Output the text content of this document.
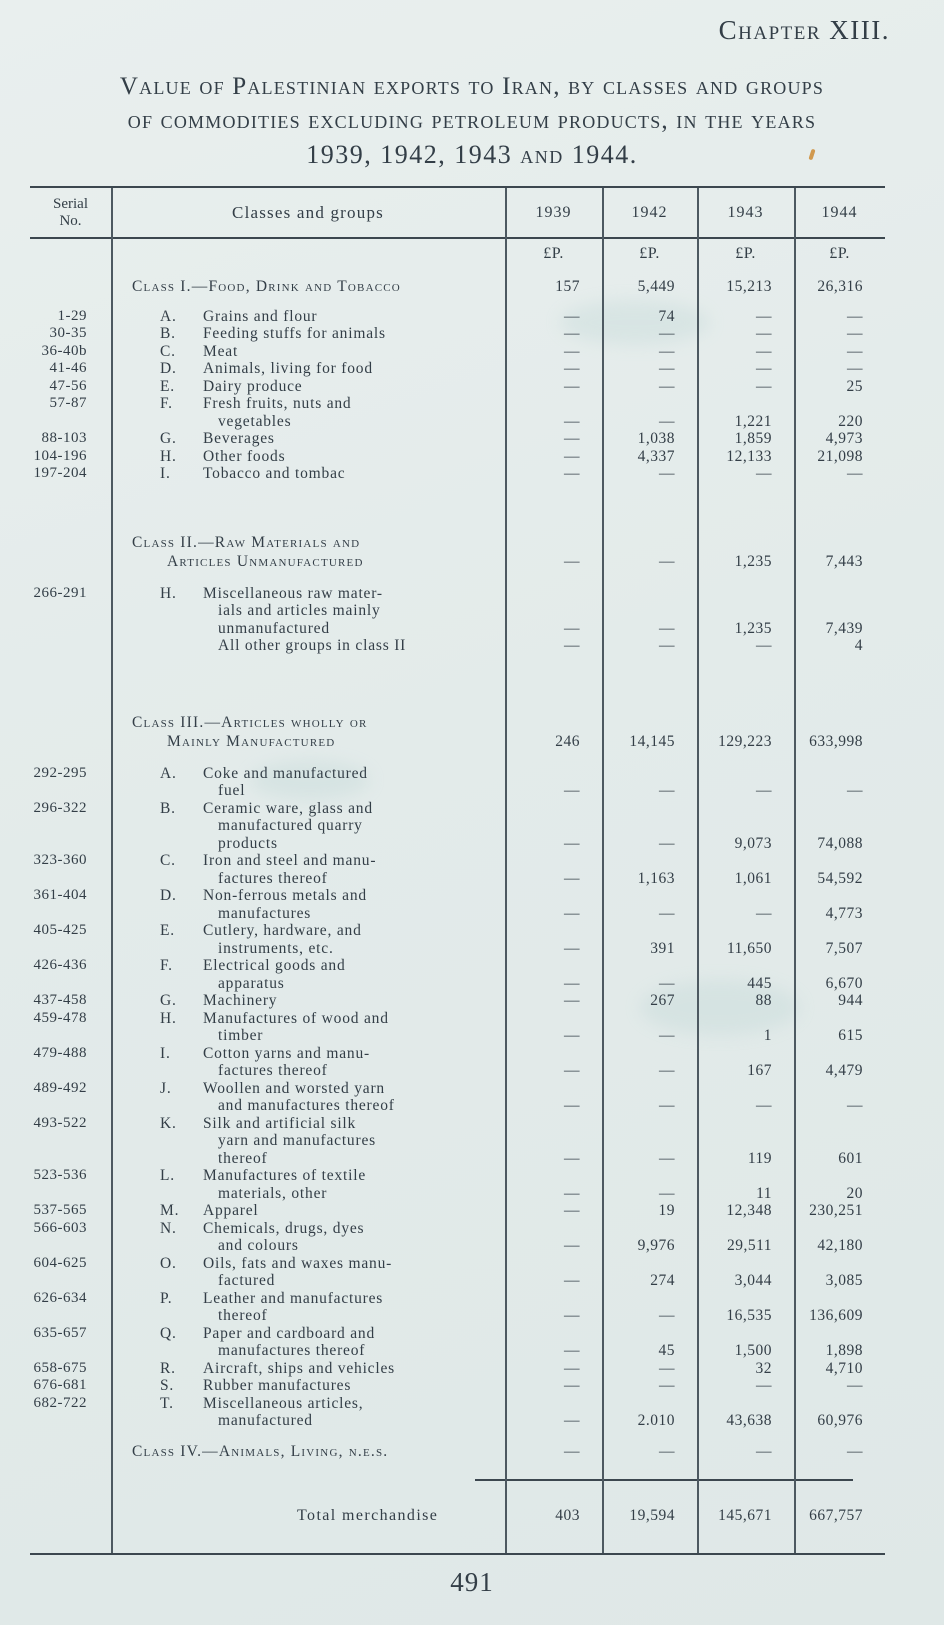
Chapter XIII.
Value of Palestinian exports to Iran, by classes and groups
of commodities excluding petroleum products, in the years
1939, 1942, 1943 and 1944.
Serial
No.	Classes and groups	1939	1942	1943	1944
£P.	£P.	£P.	£P.
Class I.—Food, Drink and Tobacco	157	5,449	15,213	26,316
1-29	A. Grains and flour	—	74	—	—
30-35	B. Feeding stuffs for animals	—	—	—	—
36-40b	C. Meat	—	—	—	—
41-46	D. Animals, living for food	—	—	—	—
47-56	E. Dairy produce	—	—	—	25
57-87	F. Fresh fruits, nuts and
vegetables	—	—	1,221	220
88-103	G. Beverages	—	1,038	1,859	4,973
104-196	H. Other foods	—	4,337	12,133	21,098
197-204	I. Tobacco and tombac	—	—	—	—
Class II.—Raw Materials and
Articles Unmanufactured	—	—	1,235	7,443
266-291	H. Miscellaneous raw mater-
ials and articles mainly
unmanufactured	—	—	1,235	7,439
All other groups in class II	—	—	—	4
Class III.—Articles wholly or
Mainly Manufactured	246	14,145	129,223	633,998
292-295	A. Coke and manufactured
fuel	—	—	—	—
296-322	B. Ceramic ware, glass and
manufactured quarry
products	—	—	9,073	74,088
323-360	C. Iron and steel and manu-
factures thereof	—	1,163	1,061	54,592
361-404	D. Non-ferrous metals and
manufactures	—	—	—	4,773
405-425	E. Cutlery, hardware, and
instruments, etc.	—	391	11,650	7,507
426-436	F. Electrical goods and
apparatus	—	—	445	6,670
437-458	G. Machinery	—	267	88	944
459-478	H. Manufactures of wood and
timber	—	—	1	615
479-488	I. Cotton yarns and manu-
factures thereof	—	—	167	4,479
489-492	J. Woollen and worsted yarn
and manufactures thereof	—	—	—	—
493-522	K. Silk and artificial silk
yarn and manufactures
thereof	—	—	119	601
523-536	L. Manufactures of textile
materials, other	—	—	11	20
537-565	M. Apparel	—	19	12,348	230,251
566-603	N. Chemicals, drugs, dyes
and colours	—	9,976	29,511	42,180
604-625	O. Oils, fats and waxes manu-
factured	—	274	3,044	3,085
626-634	P. Leather and manufactures
thereof	—	—	16,535	136,609
635-657	Q. Paper and cardboard and
manufactures thereof	—	45	1,500	1,898
658-675	R. Aircraft, ships and vehicles	—	—	32	4,710
676-681	S. Rubber manufactures	—	—	—	—
682-722	T. Miscellaneous articles,
manufactured	—	2.010	43,638	60,976
Class IV.—Animals, Living, n.e.s.	—	—	—	—
Total merchandise	403	19,594	145,671	667,757
491
